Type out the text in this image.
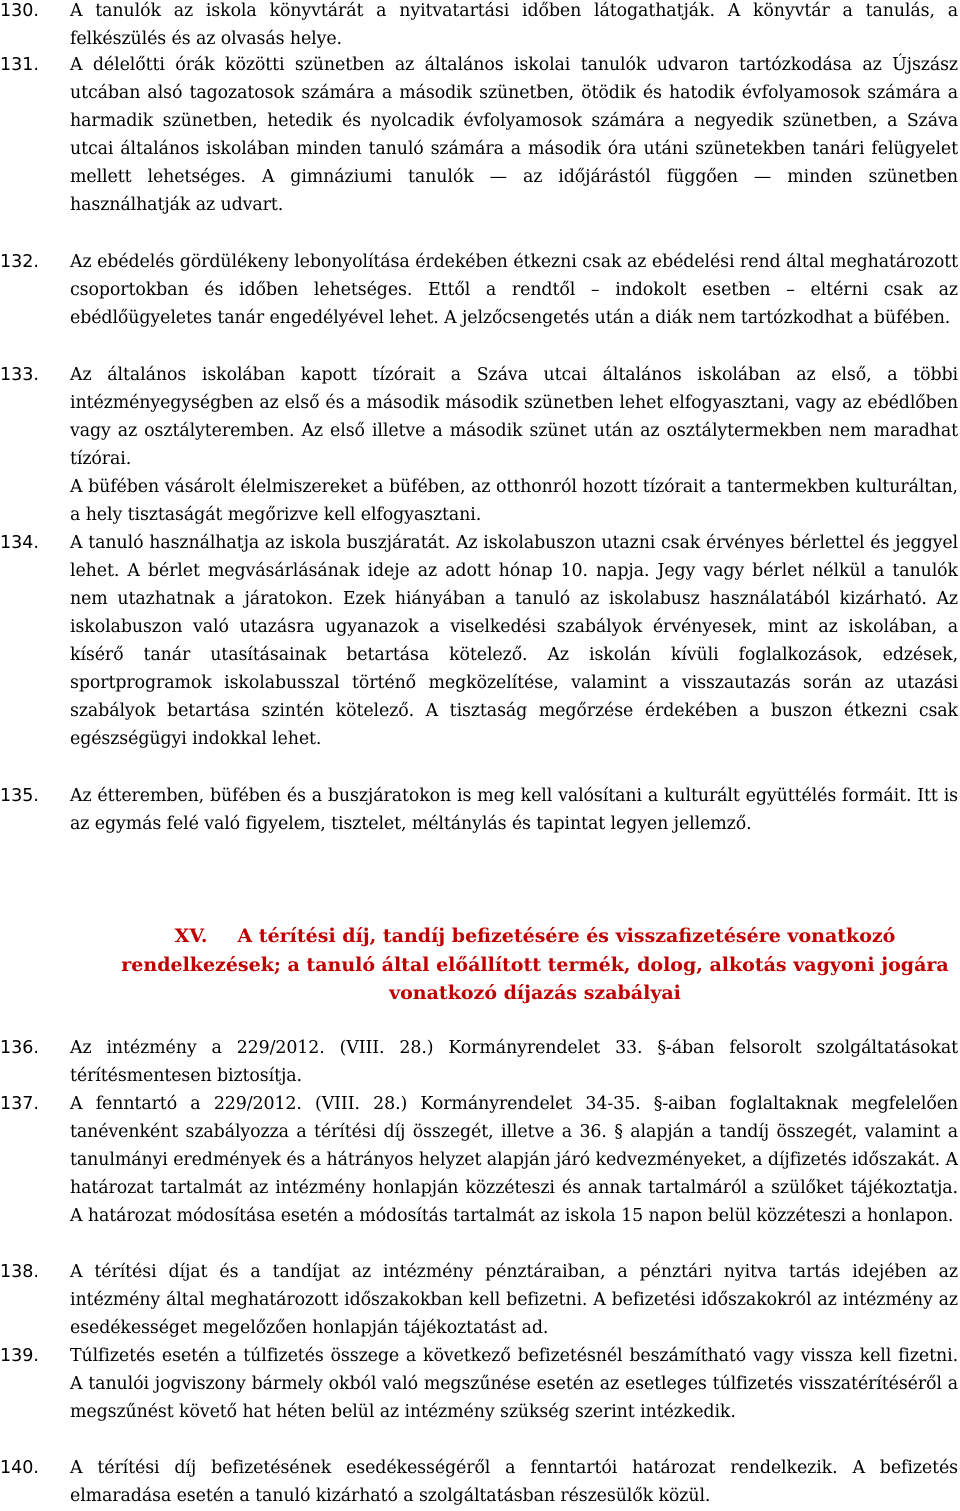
130. A tanulók az iskola könyvtárát a nyitvatartási időben látogathatják. A könyvtár a tanulás, a felkészülés és az olvasás helye.

131. A délelőtti órák közötti szünetben az általános iskolai tanulók udvaron tartózkodása az Újszász utcában alsó tagozatosok számára a második szünetben, ötödik és hatodik évfolyamosok számára a harmadik szünetben, hetedik és nyolcadik évfolyamosok számára a negyedik szünetben, a Száva utcai általános iskolában minden tanuló számára a második óra utáni szünetekben tanári felügyelet mellett lehetséges. A gimnáziumi tanulók — az időjárástól függően — minden szünetben használhatják az udvart.

132. Az ebédelés gördülékeny lebonyolítása érdekében étkezni csak az ebédelési rend által meghatározott csoportokban és időben lehetséges. Ettől a rendtől – indokolt esetben – eltérni csak az ebédlőügyeletes tanár engedélyével lehet. A jelzőcsengetés után a diák nem tartózkodhat a büfében.

133. Az általános iskolában kapott tízórait a Száva utcai általános iskolában az első, a többi intézményegységben az első és a második második szünetben lehet elfogyasztani, vagy az ebédlőben vagy az osztályteremben. Az első illetve a második szünet után az osztálytermekben nem maradhat tízórai.

A büfében vásárolt élelmiszereket a büfében, az otthonról hozott tízórait a tantermekben kulturáltan, a hely tisztaságát megőrizve kell elfogyasztani.

134. A tanuló használhatja az iskola buszjáratát. Az iskolabuszon utazni csak érvényes bérlettel és jeggyel lehet. A bérlet megvásárlásának ideje az adott hónap 10. napja. Jegy vagy bérlet nélkül a tanulók nem utazhatnak a járatokon. Ezek hiányában a tanuló az iskolabusz használatából kizárható. Az iskolabuszon való utazásra ugyanazok a viselkedési szabályok érvényesek, mint az iskolában, a kísérő tanár utasításainak betartása kötelező. Az iskolán kívüli foglalkozások, edzések, sportprogramok iskolabusszal történő megközelítése, valamint a visszautazás során az utazási szabályok betartása szintén kötelező. A tisztaság megőrzése érdekében a buszon étkezni csak egészségügyi indokkal lehet.

135. Az étteremben, büfében és a buszjáratokon is meg kell valósítani a kulturált együttélés formáit. Itt is az egymás felé való figyelem, tisztelet, méltánylás és tapintat legyen jellemző.

XV. A térítési díj, tandíj befizetésére és visszafizetésére vonatkozó rendelkezések; a tanuló által előállított termék, dolog, alkotás vagyoni jogára vonatkozó díjazás szabályai
136. Az intézmény a 229/2012. (VIII. 28.) Kormányrendelet 33. §-ában felsorolt szolgáltatásokat térítésmentesen biztosítja.

137. A fenntartó a 229/2012. (VIII. 28.) Kormányrendelet 34-35. §-aiban foglaltaknak megfelelően tanévenként szabályozza a térítési díj összegét, illetve a 36. § alapján a tandíj összegét, valamint a tanulmányi eredmények és a hátrányos helyzet alapján járó kedvezményeket, a díjfizetés időszakát. A határozat tartalmát az intézmény honlapján közzéteszi és annak tartalmáról a szülőket tájékoztatja. A határozat módosítása esetén a módosítás tartalmát az iskola 15 napon belül közzéteszi a honlapon.

138. A térítési díjat és a tandíjat az intézmény pénztáraiban, a pénztári nyitva tartás idejében az intézmény által meghatározott időszakokban kell befizetni. A befizetési időszakokról az intézmény az esedékességet megelőzően honlapján tájékoztatást ad.

139. Túlfizetés esetén a túlfizetés összege a következő befizetésnél beszámítható vagy vissza kell fizetni. A tanulói jogviszony bármely okból való megszűnése esetén az esetleges túlfizetés visszatérítéséről a megszűnést követő hat héten belül az intézmény szükség szerint intézkedik.

140. A térítési díj befizetésének esedékességéről a fenntartói határozat rendelkezik. A befizetés elmaradása esetén a tanuló kizárható a szolgáltatásban részesülők közül.
